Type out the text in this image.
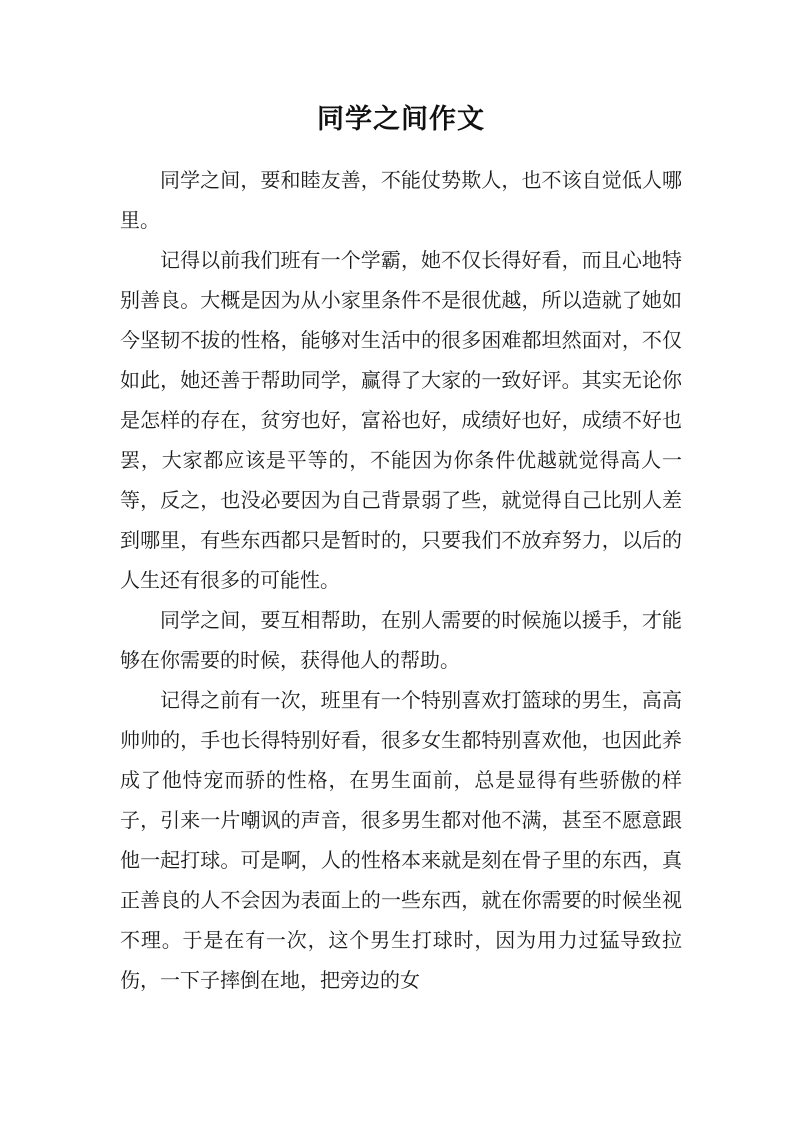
同学之间作文

同学之间，要和睦友善，不能仗势欺人，也不该自觉低人哪里。

记得以前我们班有一个学霸，她不仅长得好看，而且心地特别善良。大概是因为从小家里条件不是很优越，所以造就了她如今坚韧不拔的性格，能够对生活中的很多困难都坦然面对，不仅如此，她还善于帮助同学，赢得了大家的一致好评。其实无论你是怎样的存在，贫穷也好，富裕也好，成绩好也好，成绩不好也罢，大家都应该是平等的，不能因为你条件优越就觉得高人一等，反之，也没必要因为自己背景弱了些，就觉得自己比别人差到哪里，有些东西都只是暂时的，只要我们不放弃努力，以后的人生还有很多的可能性。

同学之间，要互相帮助，在别人需要的时候施以援手，才能够在你需要的时候，获得他人的帮助。

记得之前有一次，班里有一个特别喜欢打篮球的男生，高高帅帅的，手也长得特别好看，很多女生都特别喜欢他，也因此养成了他恃宠而骄的性格，在男生面前，总是显得有些骄傲的样子，引来一片嘲讽的声音，很多男生都对他不满，甚至不愿意跟他一起打球。可是啊，人的性格本来就是刻在骨子里的东西，真正善良的人不会因为表面上的一些东西，就在你需要的时候坐视不理。于是在有一次，这个男生打球时，因为用力过猛导致拉伤，一下子摔倒在地，把旁边的女
